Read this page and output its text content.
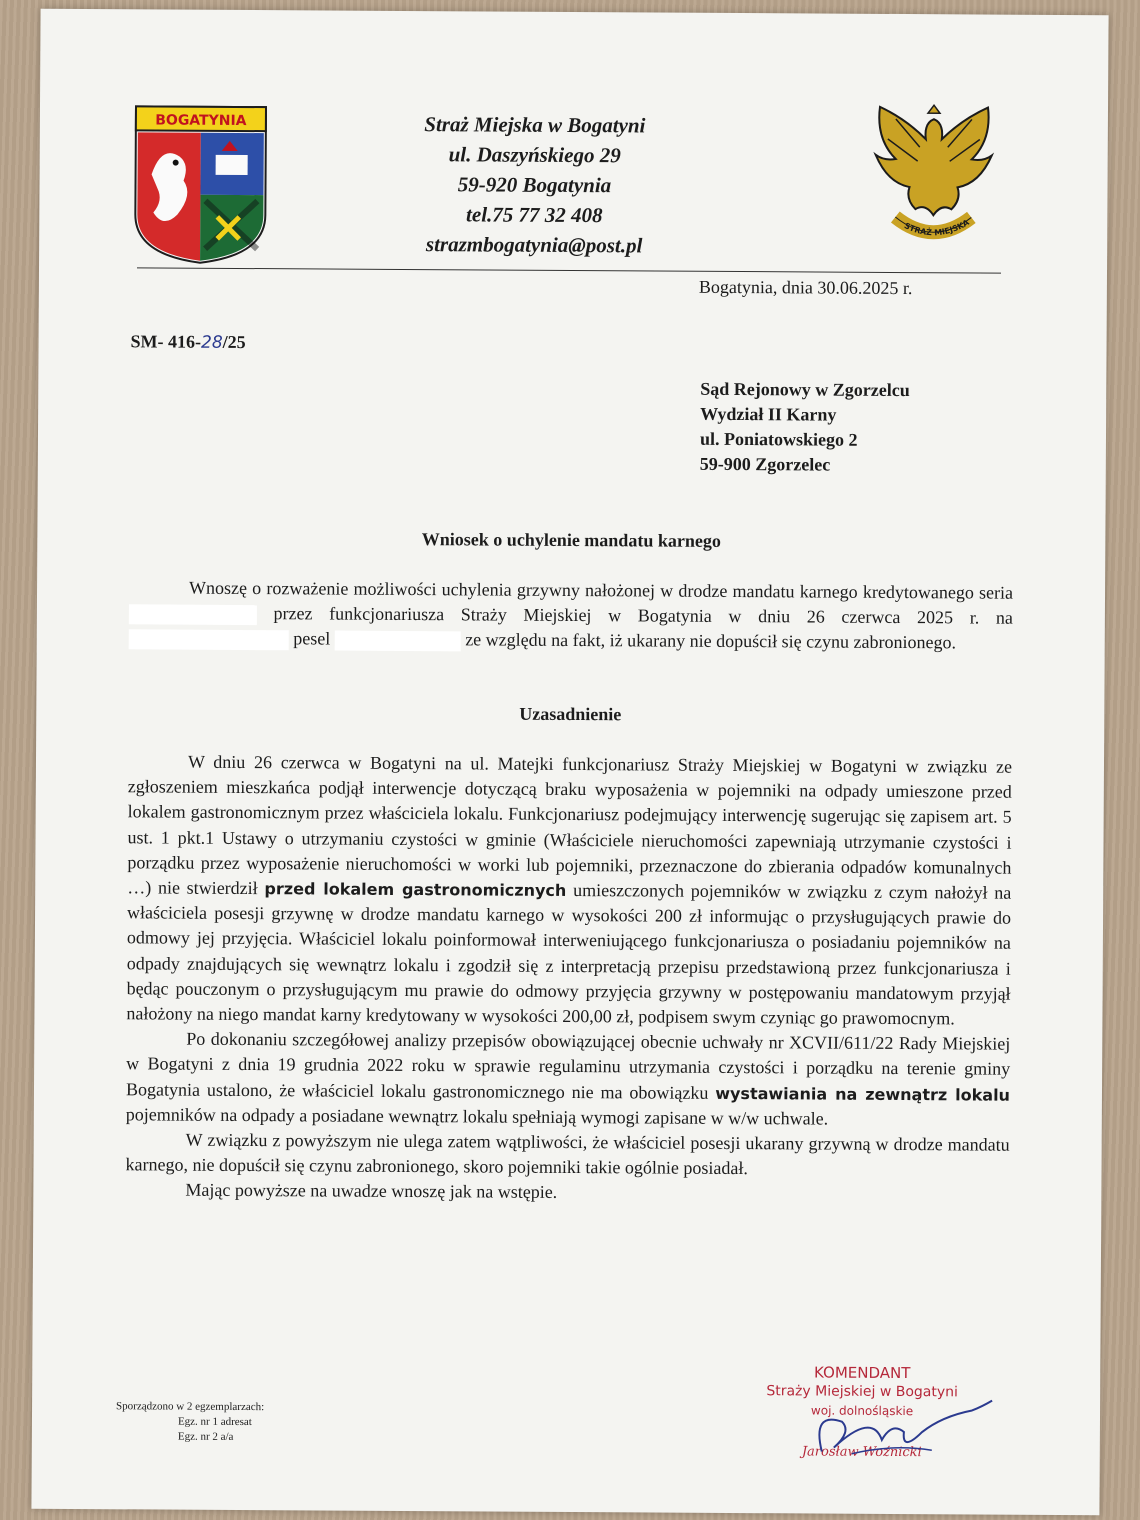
BOGATYNIA	Straż Miejska w Bogatyni
ul. Daszyńskiego 29
59-920 Bogatynia
tel.75 77 32 408
strazmbogatynia@post.pl
STRAŻ MIEJSKA
Bogatynia, dnia 30.06.2025 r.
SM- 416-28/25
Sąd Rejonowy w Zgorzelcu
Wydział II Karny
ul. Poniatowskiego 2
59-900 Zgorzelec
Wniosek o uchylenie mandatu karnego

Wnoszę o rozważenie możliwości uchylenia grzywny nałożonej w drodze mandatu karnego kredytowanego seria  przez funkcjonariusza Straży Miejskiej w Bogatynia w dniu 26 czerwca 2025 r. na  pesel	ze względu na fakt, iż ukarany nie dopuścił się czynu zabronionego.

Uzasadnienie

W dniu 26 czerwca w Bogatyni na ul. Matejki funkcjonariusz Straży Miejskiej w Bogatyni w związku ze zgłoszeniem mieszkańca podjął interwencje dotyczącą braku wyposażenia w pojemniki na odpady umieszone przed lokalem gastronomicznym przez właściciela lokalu. Funkcjonariusz podejmujący interwencję sugerując się zapisem art. 5 ust. 1 pkt.1 Ustawy o utrzymaniu czystości w gminie (Właściciele nieruchomości zapewniają utrzymanie czystości i porządku przez wyposażenie nieruchomości w worki lub pojemniki, przeznaczone do zbierania odpadów komunalnych …) nie stwierdził przed lokalem gastronomicznych umieszczonych pojemników w związku z czym nałożył na właściciela posesji grzywnę w drodze mandatu karnego w wysokości 200 zł informując o przysługujących prawie do odmowy jej przyjęcia. Właściciel lokalu poinformował interweniującego funkcjonariusza o posiadaniu pojemników na odpady znajdujących się wewnątrz lokalu i zgodził się z interpretacją przepisu przedstawioną przez funkcjonariusza i będąc pouczonym o przysługującym mu prawie do odmowy przyjęcia grzywny w postępowaniu mandatowym przyjął nałożony na niego mandat karny kredytowany w wysokości 200,00 zł, podpisem swym czyniąc go prawomocnym.

Po dokonaniu szczegółowej analizy przepisów obowiązującej obecnie uchwały nr XCVII/611/22 Rady Miejskiej w Bogatyni z dnia 19 grudnia 2022 roku w sprawie regulaminu utrzymania czystości i porządku na terenie gminy Bogatynia ustalono, że właściciel lokalu gastronomicznego nie ma obowiązku wystawiania na zewnątrz lokalu pojemników na odpady a posiadane wewnątrz lokalu spełniają wymogi zapisane w w/w uchwale.

W związku z powyższym nie ulega zatem wątpliwości, że właściciel posesji ukarany grzywną w drodze mandatu karnego, nie dopuścił się czynu zabronionego, skoro pojemniki takie ogólnie posiadał.

Mając powyższe na uwadze wnoszę jak na wstępie.

KOMENDANT
Straży Miejskiej w Bogatyni
woj. dolnośląskie
Jarosław Woźnicki
Sporządzono w 2 egzemplarzach:
Egz. nr 1 adresat
Egz. nr 2 a/a
